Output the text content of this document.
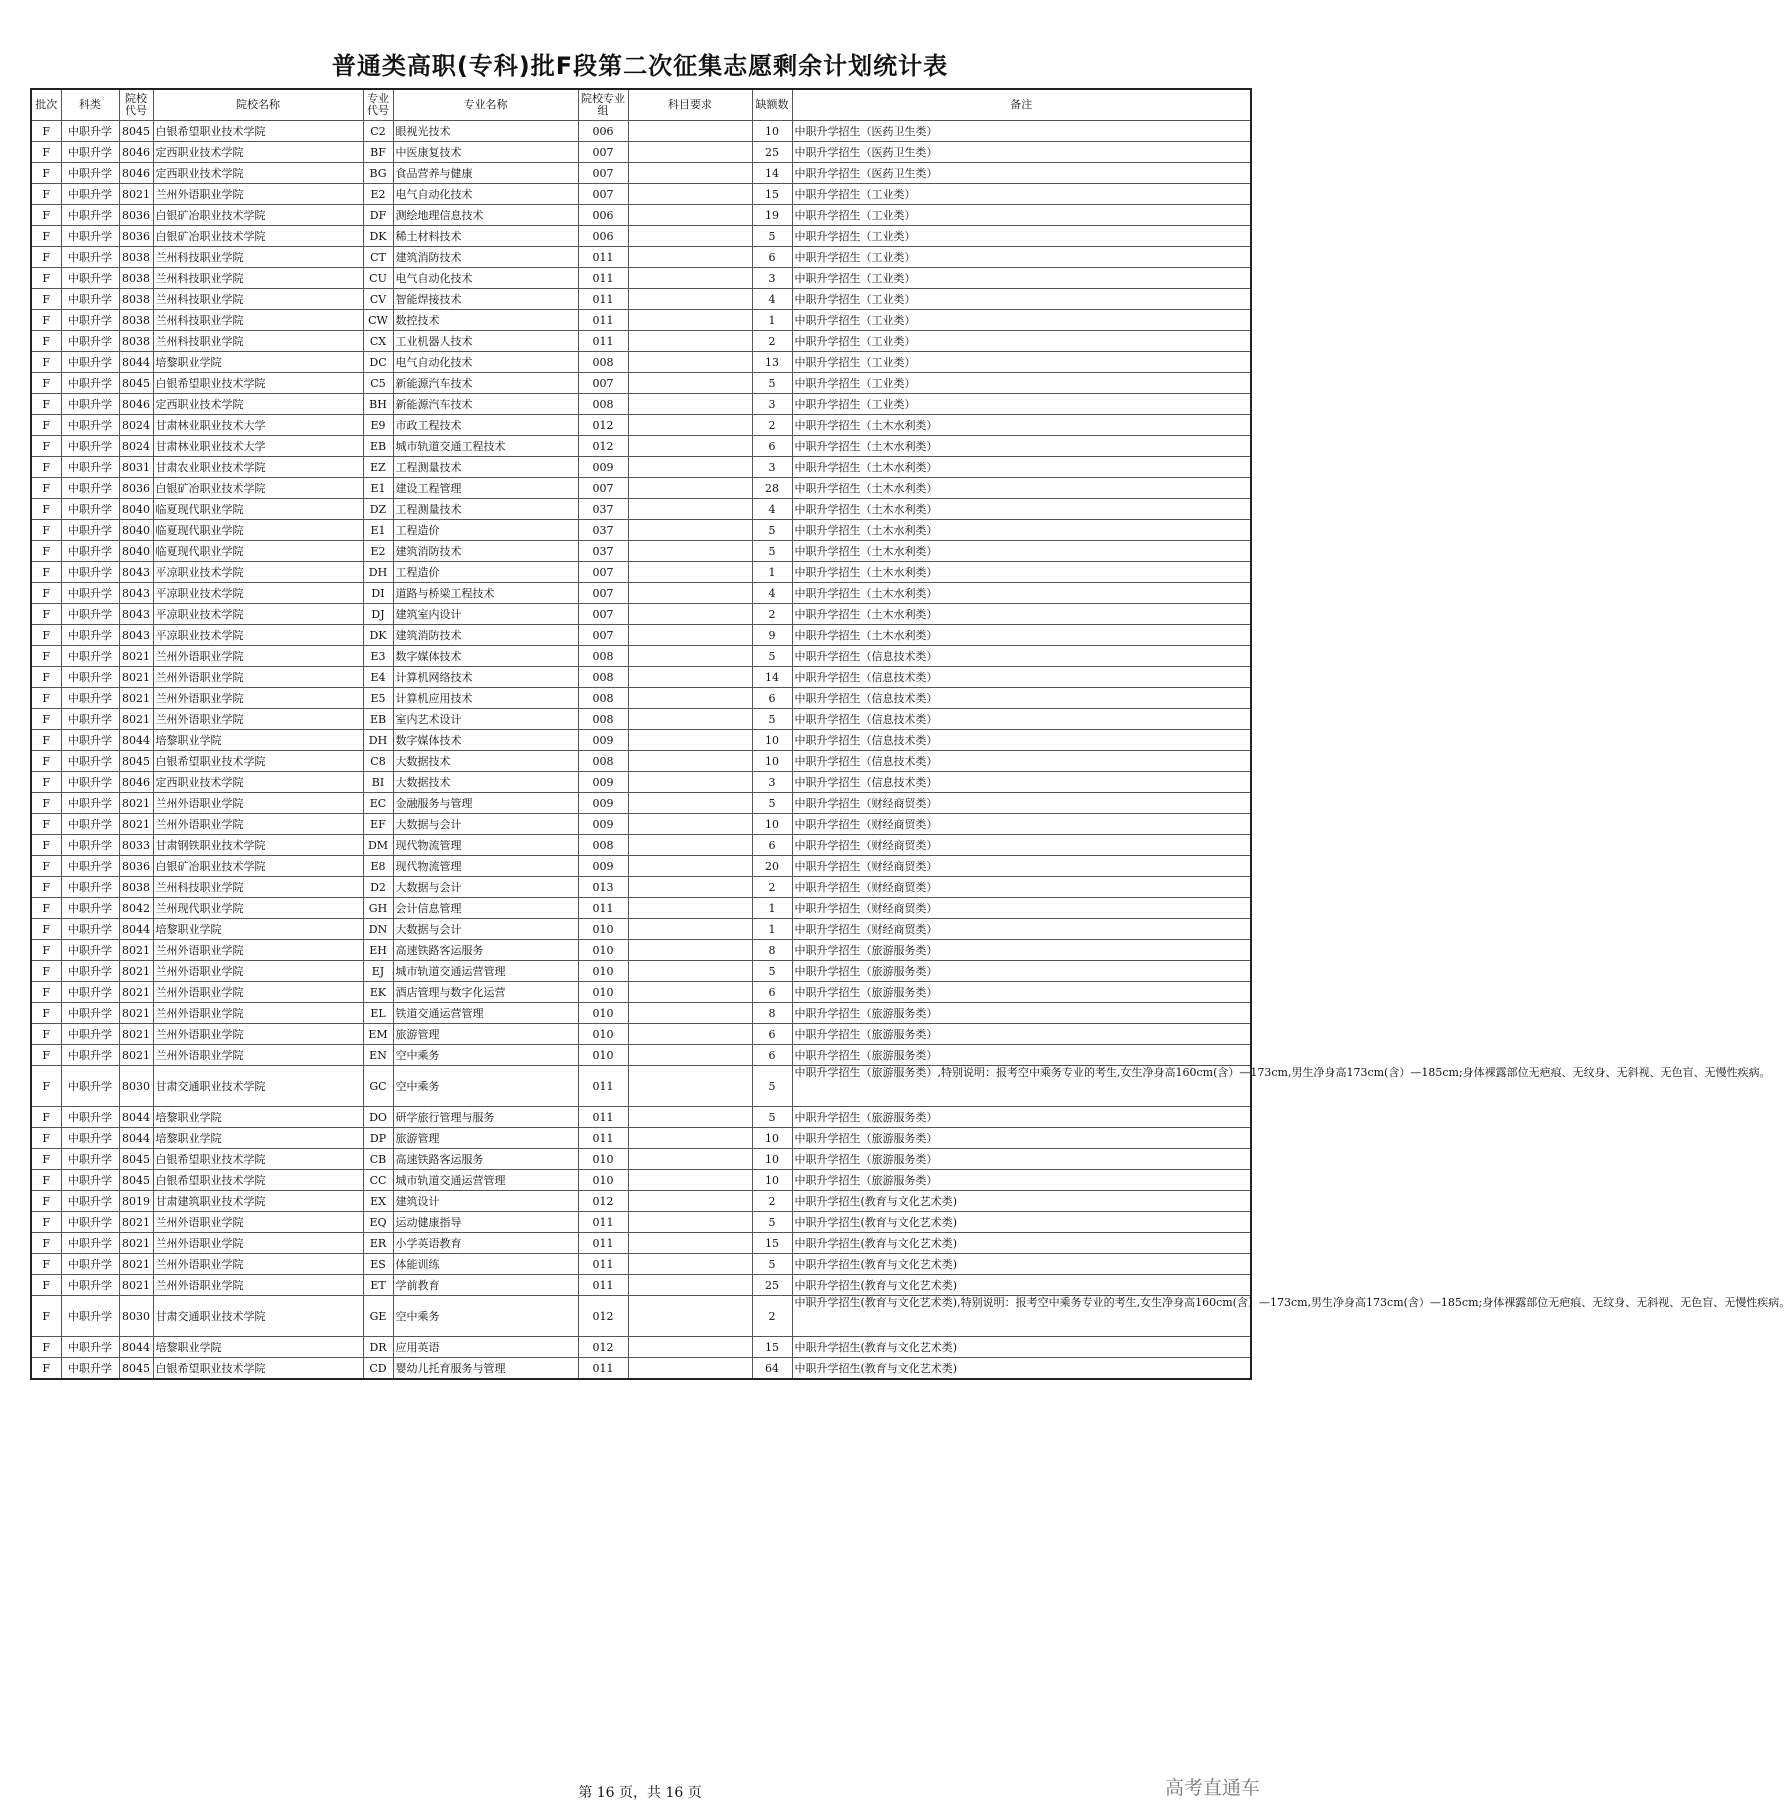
普通类高职(专科)批F段第二次征集志愿剩余计划统计表
批次	科类	院校代号	院校名称	专业代号	专业名称	院校专业组	科目要求	缺额数	备注
F	中职升学	8045	白银希望职业技术学院	C2	眼视光技术	006		10	中职升学招生（医药卫生类）
F	中职升学	8046	定西职业技术学院	BF	中医康复技术	007		25	中职升学招生（医药卫生类）
F	中职升学	8046	定西职业技术学院	BG	食品营养与健康	007		14	中职升学招生（医药卫生类）
F	中职升学	8021	兰州外语职业学院	E2	电气自动化技术	007		15	中职升学招生（工业类）
F	中职升学	8036	白银矿冶职业技术学院	DF	测绘地理信息技术	006		19	中职升学招生（工业类）
F	中职升学	8036	白银矿冶职业技术学院	DK	稀土材料技术	006		5	中职升学招生（工业类）
F	中职升学	8038	兰州科技职业学院	CT	建筑消防技术	011		6	中职升学招生（工业类）
F	中职升学	8038	兰州科技职业学院	CU	电气自动化技术	011		3	中职升学招生（工业类）
F	中职升学	8038	兰州科技职业学院	CV	智能焊接技术	011		4	中职升学招生（工业类）
F	中职升学	8038	兰州科技职业学院	CW	数控技术	011		1	中职升学招生（工业类）
F	中职升学	8038	兰州科技职业学院	CX	工业机器人技术	011		2	中职升学招生（工业类）
F	中职升学	8044	培黎职业学院	DC	电气自动化技术	008		13	中职升学招生（工业类）
F	中职升学	8045	白银希望职业技术学院	C5	新能源汽车技术	007		5	中职升学招生（工业类）
F	中职升学	8046	定西职业技术学院	BH	新能源汽车技术	008		3	中职升学招生（工业类）
F	中职升学	8024	甘肃林业职业技术大学	E9	市政工程技术	012		2	中职升学招生（土木水利类）
F	中职升学	8024	甘肃林业职业技术大学	EB	城市轨道交通工程技术	012		6	中职升学招生（土木水利类）
F	中职升学	8031	甘肃农业职业技术学院	EZ	工程测量技术	009		3	中职升学招生（土木水利类）
F	中职升学	8036	白银矿冶职业技术学院	E1	建设工程管理	007		28	中职升学招生（土木水利类）
F	中职升学	8040	临夏现代职业学院	DZ	工程测量技术	037		4	中职升学招生（土木水利类）
F	中职升学	8040	临夏现代职业学院	E1	工程造价	037		5	中职升学招生（土木水利类）
F	中职升学	8040	临夏现代职业学院	E2	建筑消防技术	037		5	中职升学招生（土木水利类）
F	中职升学	8043	平凉职业技术学院	DH	工程造价	007		1	中职升学招生（土木水利类）
F	中职升学	8043	平凉职业技术学院	DI	道路与桥梁工程技术	007		4	中职升学招生（土木水利类）
F	中职升学	8043	平凉职业技术学院	DJ	建筑室内设计	007		2	中职升学招生（土木水利类）
F	中职升学	8043	平凉职业技术学院	DK	建筑消防技术	007		9	中职升学招生（土木水利类）
F	中职升学	8021	兰州外语职业学院	E3	数字媒体技术	008		5	中职升学招生（信息技术类）
F	中职升学	8021	兰州外语职业学院	E4	计算机网络技术	008		14	中职升学招生（信息技术类）
F	中职升学	8021	兰州外语职业学院	E5	计算机应用技术	008		6	中职升学招生（信息技术类）
F	中职升学	8021	兰州外语职业学院	EB	室内艺术设计	008		5	中职升学招生（信息技术类）
F	中职升学	8044	培黎职业学院	DH	数字媒体技术	009		10	中职升学招生（信息技术类）
F	中职升学	8045	白银希望职业技术学院	C8	大数据技术	008		10	中职升学招生（信息技术类）
F	中职升学	8046	定西职业技术学院	BI	大数据技术	009		3	中职升学招生（信息技术类）
F	中职升学	8021	兰州外语职业学院	EC	金融服务与管理	009		5	中职升学招生（财经商贸类）
F	中职升学	8021	兰州外语职业学院	EF	大数据与会计	009		10	中职升学招生（财经商贸类）
F	中职升学	8033	甘肃钢铁职业技术学院	DM	现代物流管理	008		6	中职升学招生（财经商贸类）
F	中职升学	8036	白银矿冶职业技术学院	E8	现代物流管理	009		20	中职升学招生（财经商贸类）
F	中职升学	8038	兰州科技职业学院	D2	大数据与会计	013		2	中职升学招生（财经商贸类）
F	中职升学	8042	兰州现代职业学院	GH	会计信息管理	011		1	中职升学招生（财经商贸类）
F	中职升学	8044	培黎职业学院	DN	大数据与会计	010		1	中职升学招生（财经商贸类）
F	中职升学	8021	兰州外语职业学院	EH	高速铁路客运服务	010		8	中职升学招生（旅游服务类）
F	中职升学	8021	兰州外语职业学院	EJ	城市轨道交通运营管理	010		5	中职升学招生（旅游服务类）
F	中职升学	8021	兰州外语职业学院	EK	酒店管理与数字化运营	010		6	中职升学招生（旅游服务类）
F	中职升学	8021	兰州外语职业学院	EL	铁道交通运营管理	010		8	中职升学招生（旅游服务类）
F	中职升学	8021	兰州外语职业学院	EM	旅游管理	010		6	中职升学招生（旅游服务类）
F	中职升学	8021	兰州外语职业学院	EN	空中乘务	010		6	中职升学招生（旅游服务类）
F	中职升学	8030	甘肃交通职业技术学院	GC	空中乘务	011		5	中职升学招生（旅游服务类）,特别说明：报考空中乘务专业的考生,女生净身高160cm(含）—173cm,男生净身高173cm(含）—185cm;身体裸露部位无疤痕、无纹身、无斜视、无色盲、无慢性疾病。
F	中职升学	8044	培黎职业学院	DO	研学旅行管理与服务	011		5	中职升学招生（旅游服务类）
F	中职升学	8044	培黎职业学院	DP	旅游管理	011		10	中职升学招生（旅游服务类）
F	中职升学	8045	白银希望职业技术学院	CB	高速铁路客运服务	010		10	中职升学招生（旅游服务类）
F	中职升学	8045	白银希望职业技术学院	CC	城市轨道交通运营管理	010		10	中职升学招生（旅游服务类）
F	中职升学	8019	甘肃建筑职业技术学院	EX	建筑设计	012		2	中职升学招生(教育与文化艺术类)
F	中职升学	8021	兰州外语职业学院	EQ	运动健康指导	011		5	中职升学招生(教育与文化艺术类)
F	中职升学	8021	兰州外语职业学院	ER	小学英语教育	011		15	中职升学招生(教育与文化艺术类)
F	中职升学	8021	兰州外语职业学院	ES	体能训练	011		5	中职升学招生(教育与文化艺术类)
F	中职升学	8021	兰州外语职业学院	ET	学前教育	011		25	中职升学招生(教育与文化艺术类)
F	中职升学	8030	甘肃交通职业技术学院	GE	空中乘务	012		2	中职升学招生(教育与文化艺术类),特别说明：报考空中乘务专业的考生,女生净身高160cm(含）—173cm,男生净身高173cm(含）—185cm;身体裸露部位无疤痕、无纹身、无斜视、无色盲、无慢性疾病。
F	中职升学	8044	培黎职业学院	DR	应用英语	012		15	中职升学招生(教育与文化艺术类)
F	中职升学	8045	白银希望职业技术学院	CD	婴幼儿托育服务与管理	011		64	中职升学招生(教育与文化艺术类)
第 16 页，共 16 页	高考直通车
